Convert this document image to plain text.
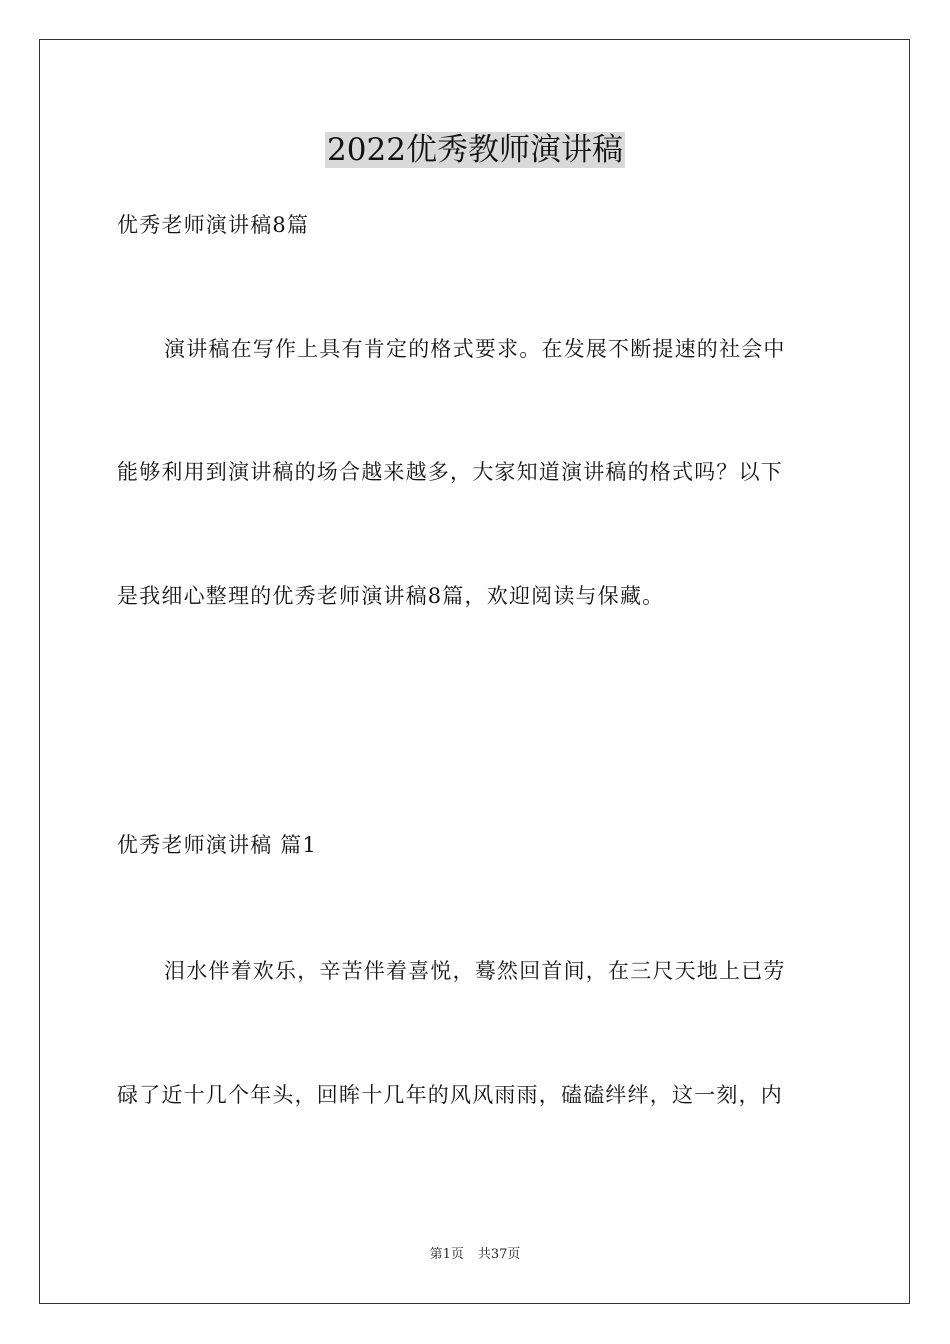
2022优秀教师演讲稿
优秀老师演讲稿8篇
演讲稿在写作上具有肯定的格式要求。在发展不断提速的社会中
能够利用到演讲稿的场合越来越多，大家知道演讲稿的格式吗？以下
是我细心整理的优秀老师演讲稿8篇，欢迎阅读与保藏。
优秀老师演讲稿 篇1
泪水伴着欢乐，辛苦伴着喜悦，蓦然回首间，在三尺天地上已劳
碌了近十几个年头，回眸十几年的风风雨雨，磕磕绊绊，这一刻，内
第1页 共37页
